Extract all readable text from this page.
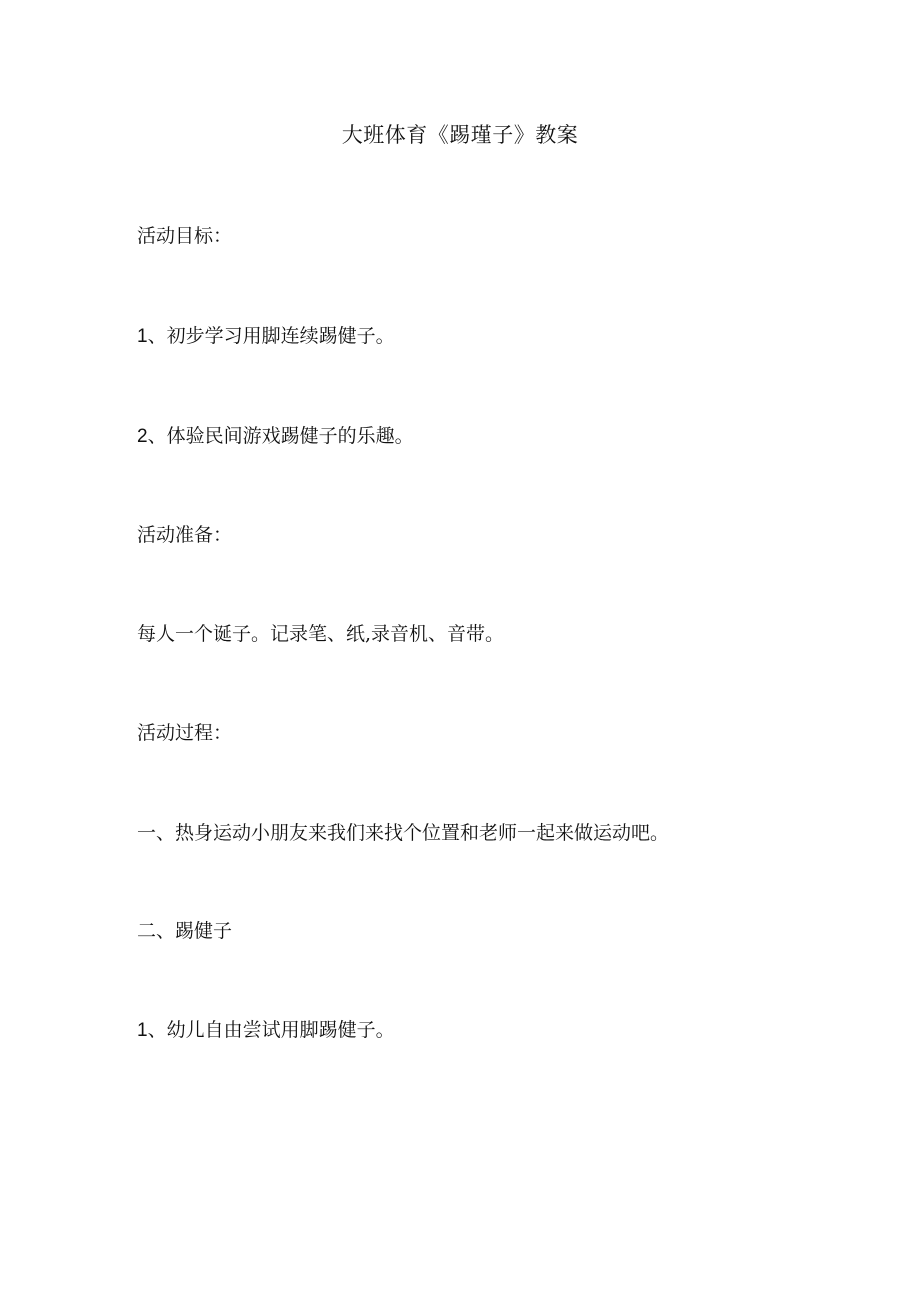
大班体育《踢瑾子》教案
活动目标：
1、初步学习用脚连续踢健子。
2、体验民间游戏踢健子的乐趣。
活动准备：
每人一个诞子。记录笔、纸,录音机、音带。
活动过程：
一、热身运动小朋友来我们来找个位置和老师一起来做运动吧。
二、踢健子
1、幼儿自由尝试用脚踢健子。
